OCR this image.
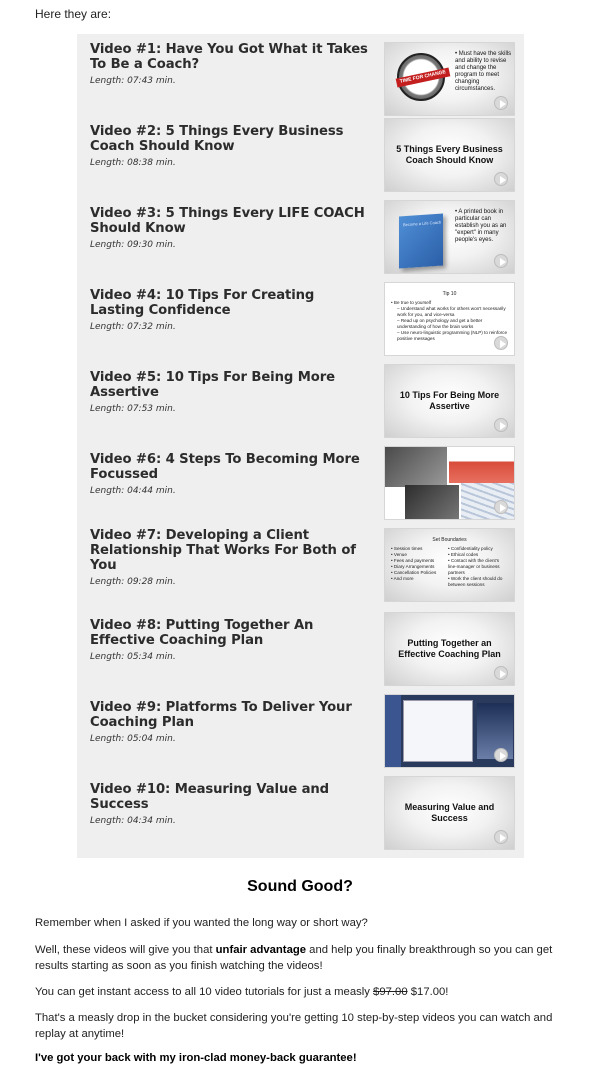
Here they are:
Video #1: Have You Got What it Takes To Be a Coach?
Length: 07:43 min.	TIME FOR CHANGE
• Must have the skills and ability to revise and change the program to meet changing circumstances.
Video #2: 5 Things Every Business Coach Should Know
Length: 08:38 min.
5 Things Every Business Coach Should Know
Video #3: 5 Things Every LIFE COACH Should Know
Length: 09:30 min.
Become a Life Coach
• A printed book in particular can establish you as an "expert" in many people's eyes.
Video #4: 10 Tips For Creating Lasting Confidence
Length: 07:32 min.
Tip 10
• Be true to yourself
– Understand what works for others won't necessarily work for you, and vice-versa
– Read up on psychology and get a better understanding of how the brain works
– Use neuro-linguistic programming (NLP) to reinforce positive messages
Video #5: 10 Tips For Being More Assertive
Length: 07:53 min.
10 Tips For Being More Assertive
Video #6: 4 Steps To Becoming More Focussed
Length: 04:44 min.
Video #7: Developing a Client Relationship That Works For Both of You
Length: 09:28 min.
Set Boundaries
• Session times
• Venue
• Fees and payments
• Diary Arrangements
• Cancellation Policies
• And more
• Confidentiality policy
• Ethical codes
• Contact with the client's line-manager or business partners
• Work the client should do between sessions
Video #8: Putting Together An Effective Coaching Plan
Length: 05:34 min.
Putting Together an Effective Coaching Plan
Video #9: Platforms To Deliver Your Coaching Plan
Length: 05:04 min.
Video #10: Measuring Value and Success
Length: 04:34 min.
Measuring Value and Success
Sound Good?
Remember when I asked if you wanted the long way or short way?
Well, these videos will give you that unfair advantage and help you finally breakthrough so you can get results starting as soon as you finish watching the videos!
You can get instant access to all 10 video tutorials for just a measly $97.00 $17.00!
That's a measly drop in the bucket considering you're getting 10 step-by-step videos you can watch and replay at anytime!
I've got your back with my iron-clad money-back guarantee!
